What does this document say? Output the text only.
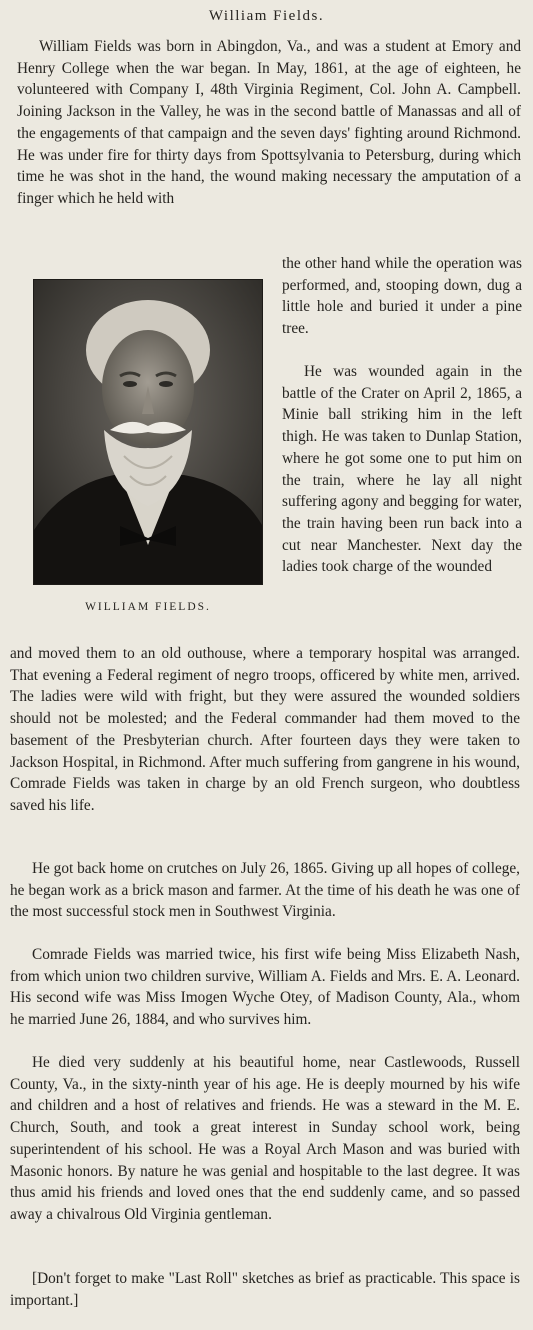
William Fields.

William Fields was born in Abingdon, Va., and was a student at Emory and Henry College when the war began. In May, 1861, at the age of eighteen, he volunteered with Company I, 48th Virginia Regiment, Col. John A. Campbell. Joining Jackson in the Valley, he was in the second battle of Manassas and all of the engagements of that campaign and the seven days' fighting around Richmond. He was under fire for thirty days from Spottsylvania to Petersburg, during which time he was shot in the hand, the wound making necessary the amputation of a finger which he held with

the other hand while the operation was performed, and, stooping down, dug a little hole and buried it under a pine tree.

He was wounded again in the battle of the Crater on April 2, 1865, a Minie ball striking him in the left thigh. He was taken to Dunlap Station, where he got some one to put him on the train, where he lay all night suffering agony and begging for water, the train having been run back into a cut near Manchester. Next day the ladies took charge of the wounded

WILLIAM FIELDS.

and moved them to an old outhouse, where a temporary hospital was arranged. That evening a Federal regiment of negro troops, officered by white men, arrived. The ladies were wild with fright, but they were assured the wounded soldiers should not be molested; and the Federal commander had them moved to the basement of the Presbyterian church. After fourteen days they were taken to Jackson Hospital, in Richmond. After much suffering from gangrene in his wound, Comrade Fields was taken in charge by an old French surgeon, who doubtless saved his life.

He got back home on crutches on July 26, 1865. Giving up all hopes of college, he began work as a brick mason and farmer. At the time of his death he was one of the most successful stock men in Southwest Virginia.

Comrade Fields was married twice, his first wife being Miss Elizabeth Nash, from which union two children survive, William A. Fields and Mrs. E. A. Leonard. His second wife was Miss Imogen Wyche Otey, of Madison County, Ala., whom he married June 26, 1884, and who survives him.

He died very suddenly at his beautiful home, near Castlewoods, Russell County, Va., in the sixty-ninth year of his age. He is deeply mourned by his wife and children and a host of relatives and friends. He was a steward in the M. E. Church, South, and took a great interest in Sunday school work, being superintendent of his school. He was a Royal Arch Mason and was buried with Masonic honors. By nature he was genial and hospitable to the last degree. It was thus amid his friends and loved ones that the end suddenly came, and so passed away a chivalrous Old Virginia gentleman.

[Don't forget to make "Last Roll" sketches as brief as practicable. This space is important.]
